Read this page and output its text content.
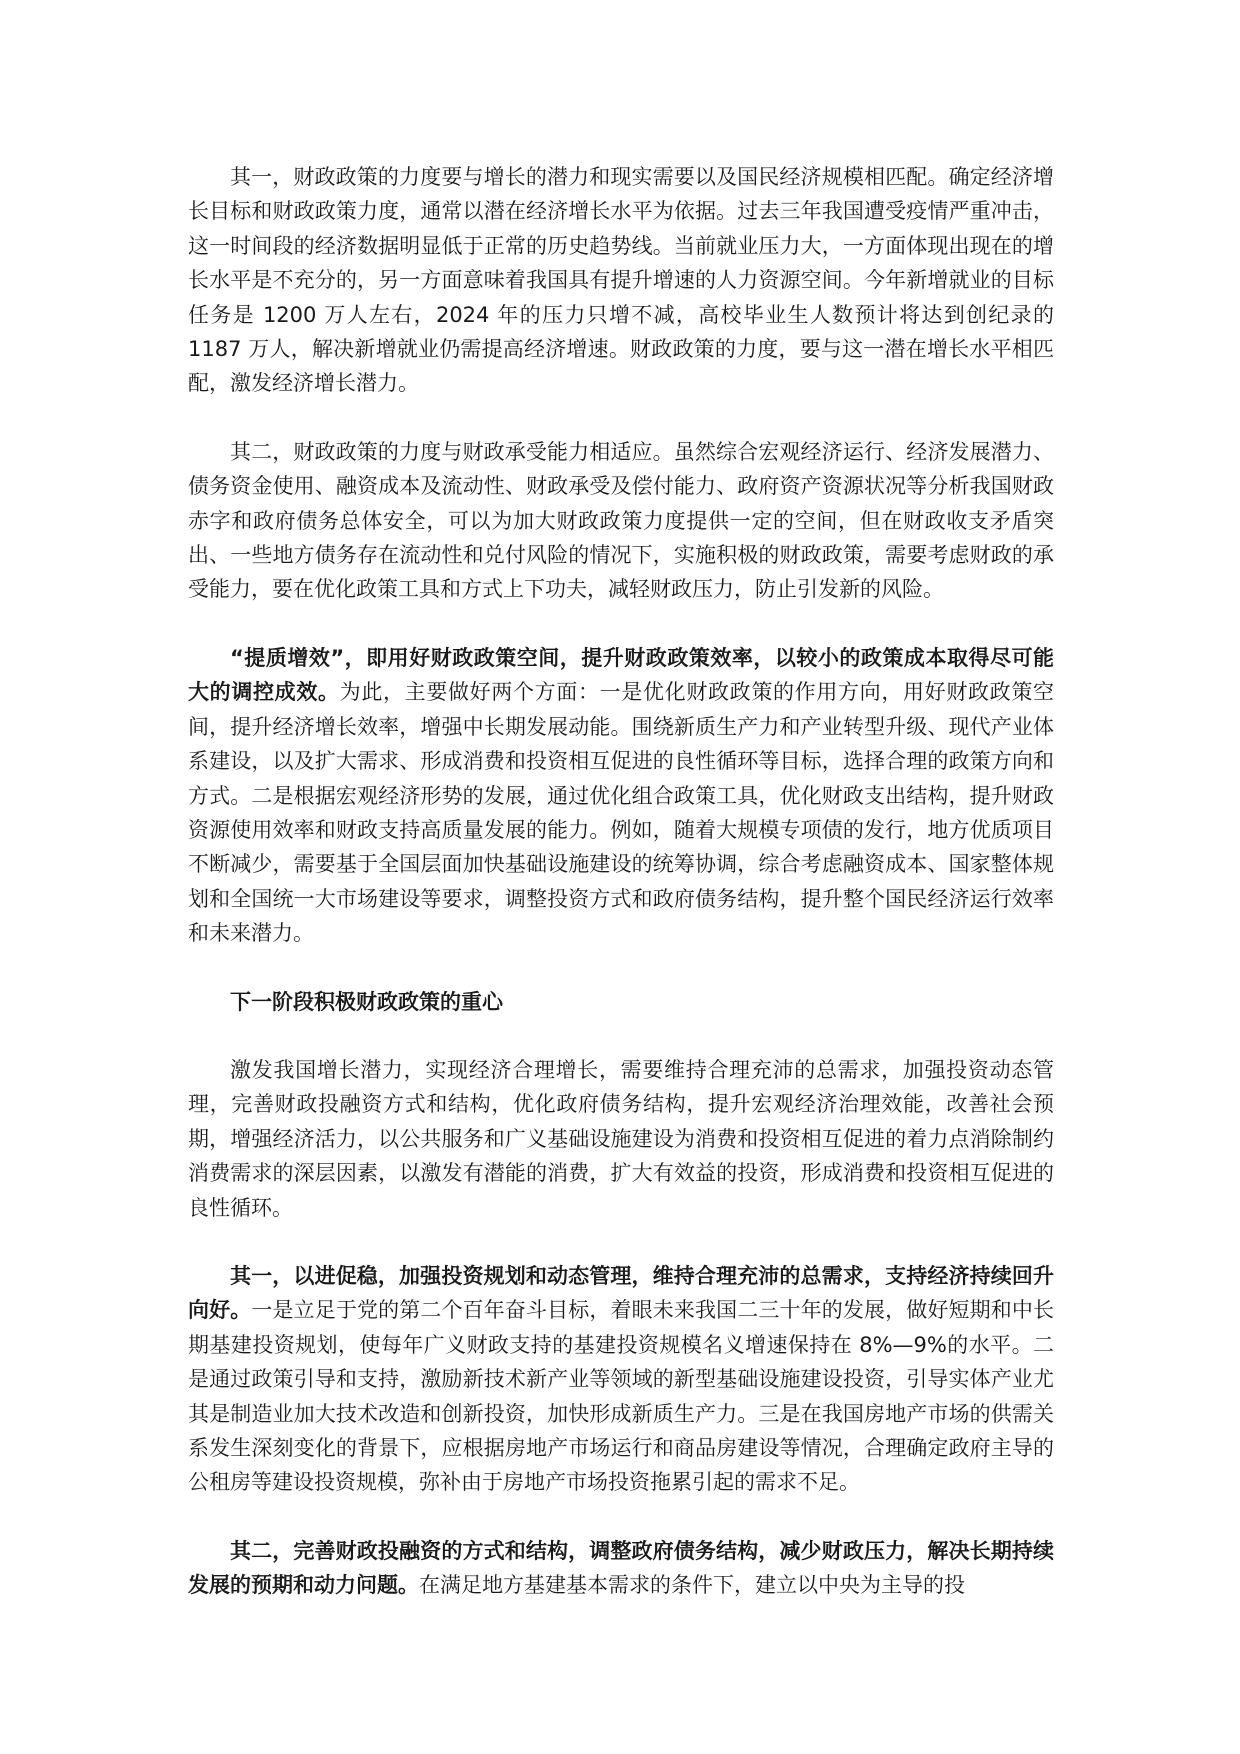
其一，财政政策的力度要与增长的潜力和现实需要以及国民经济规模相匹配。确定经济增长目标和财政政策力度，通常以潜在经济增长水平为依据。过去三年我国遭受疫情严重冲击，这一时间段的经济数据明显低于正常的历史趋势线。当前就业压力大，一方面体现出现在的增长水平是不充分的，另一方面意味着我国具有提升增速的人力资源空间。今年新增就业的目标任务是 1200 万人左右，2024 年的压力只增不减，高校毕业生人数预计将达到创纪录的 1187 万人，解决新增就业仍需提高经济增速。财政政策的力度，要与这一潜在增长水平相匹配，激发经济增长潜力。

其二，财政政策的力度与财政承受能力相适应。虽然综合宏观经济运行、经济发展潜力、债务资金使用、融资成本及流动性、财政承受及偿付能力、政府资产资源状况等分析我国财政赤字和政府债务总体安全，可以为加大财政政策力度提供一定的空间，但在财政收支矛盾突出、一些地方债务存在流动性和兑付风险的情况下，实施积极的财政政策，需要考虑财政的承受能力，要在优化政策工具和方式上下功夫，减轻财政压力，防止引发新的风险。

“提质增效”，即用好财政政策空间，提升财政政策效率，以较小的政策成本取得尽可能大的调控成效。为此，主要做好两个方面：一是优化财政政策的作用方向，用好财政政策空间，提升经济增长效率，增强中长期发展动能。围绕新质生产力和产业转型升级、现代产业体系建设，以及扩大需求、形成消费和投资相互促进的良性循环等目标，选择合理的政策方向和方式。二是根据宏观经济形势的发展，通过优化组合政策工具，优化财政支出结构，提升财政资源使用效率和财政支持高质量发展的能力。例如，随着大规模专项债的发行，地方优质项目不断减少，需要基于全国层面加快基础设施建设的统筹协调，综合考虑融资成本、国家整体规划和全国统一大市场建设等要求，调整投资方式和政府债务结构，提升整个国民经济运行效率和未来潜力。

下一阶段积极财政政策的重心

激发我国增长潜力，实现经济合理增长，需要维持合理充沛的总需求，加强投资动态管理，完善财政投融资方式和结构，优化政府债务结构，提升宏观经济治理效能，改善社会预期，增强经济活力，以公共服务和广义基础设施建设为消费和投资相互促进的着力点消除制约消费需求的深层因素，以激发有潜能的消费，扩大有效益的投资，形成消费和投资相互促进的良性循环。

其一，以进促稳，加强投资规划和动态管理，维持合理充沛的总需求，支持经济持续回升向好。一是立足于党的第二个百年奋斗目标，着眼未来我国二三十年的发展，做好短期和中长期基建投资规划，使每年广义财政支持的基建投资规模名义增速保持在 8%—9%的水平。二是通过政策引导和支持，激励新技术新产业等领域的新型基础设施建设投资，引导实体产业尤其是制造业加大技术改造和创新投资，加快形成新质生产力。三是在我国房地产市场的供需关系发生深刻变化的背景下，应根据房地产市场运行和商品房建设等情况，合理确定政府主导的公租房等建设投资规模，弥补由于房地产市场投资拖累引起的需求不足。

其二，完善财政投融资的方式和结构，调整政府债务结构，减少财政压力，解决长期持续发展的预期和动力问题。在满足地方基建基本需求的条件下，建立以中央为主导的投
